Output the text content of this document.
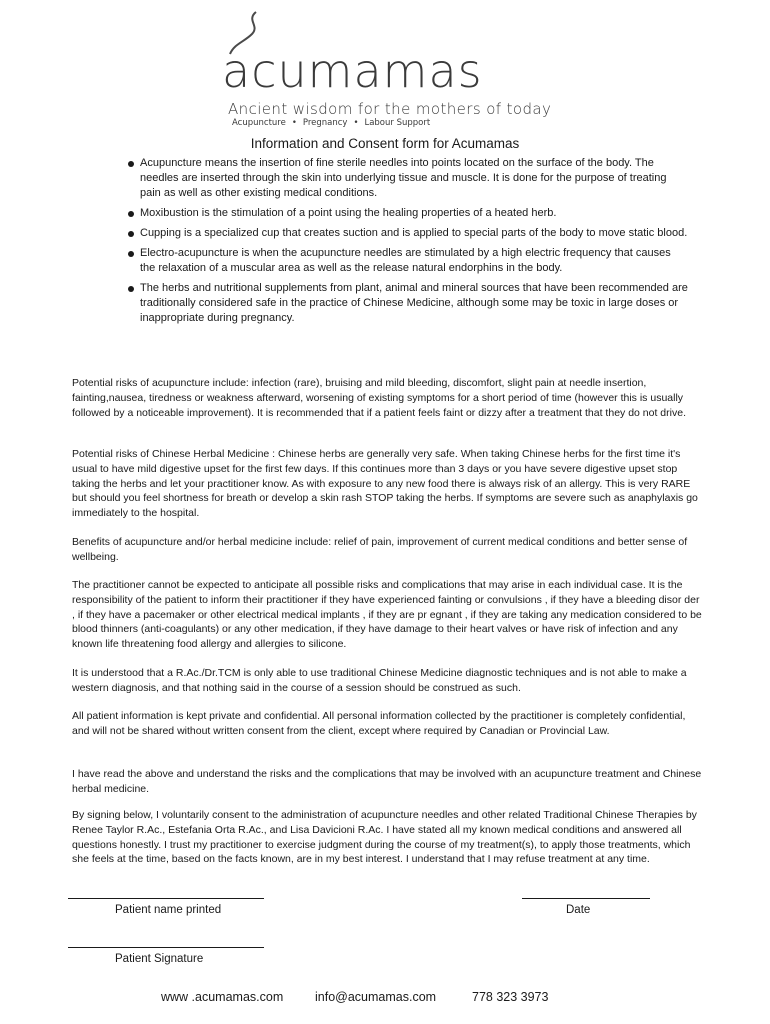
acumamas
Ancient wisdom for the mothers of today
Acupuncture • Pregnancy • Labour Support
Information and Consent form for Acumamas
Acupuncture means the insertion of fine sterile needles into points located on the surface of the body. The needles are inserted through the skin into underlying tissue and muscle. It is done for the purpose of treating pain as well as other existing medical conditions.
Moxibustion is the stimulation of a point using the healing properties of a heated herb.
Cupping is a specialized cup that creates suction and is applied to special parts of the body to move static blood.
Electro-acupuncture is when the acupuncture needles are stimulated by a high electric frequency that causes the relaxation of a muscular area as well as the release natural endorphins in the body.
The herbs and nutritional supplements from plant, animal and mineral sources that have been recommended are traditionally considered safe in the practice of Chinese Medicine, although some may be toxic in large doses or inappropriate during pregnancy.

Potential risks of acupuncture include: infection (rare), bruising and mild bleeding, discomfort, slight pain at needle insertion, fainting,nausea, tiredness or weakness afterward, worsening of existing symptoms for a short period of time (however this is usually followed by a noticeable improvement). It is recommended that if a patient feels faint or dizzy after a treatment that they do not drive.

Potential risks of Chinese Herbal Medicine : Chinese herbs are generally very safe. When taking Chinese herbs for the first time it's usual to have mild digestive upset for the first few days. If this continues more than 3 days or you have severe digestive upset stop taking the herbs and let your practitioner know. As with exposure to any new food there is always risk of an allergy. This is very RARE but should you feel shortness for breath or develop a skin rash STOP taking the herbs. If symptoms are severe such as anaphylaxis go immediately to the hospital.

Benefits of acupuncture and/or herbal medicine include: relief of pain, improvement of current medical conditions and better sense of wellbeing.

The practitioner cannot be expected to anticipate all possible risks and complications that may arise in each individual case. It is the responsibility of the patient to inform their practitioner if they have experienced fainting or convulsions , if they have a bleeding disor der , if they have a pacemaker or other electrical medical implants , if they are pr egnant , if they are taking any medication considered to be blood thinners (anti-coagulants) or any other medication, if they have damage to their heart valves or have risk of infection and any known life threatening food allergy and allergies to silicone.

It is understood that a R.Ac./Dr.TCM is only able to use traditional Chinese Medicine diagnostic techniques and is not able to make a western diagnosis, and that nothing said in the course of a session should be construed as such.

All patient information is kept private and confidential. All personal information collected by the practitioner is completely confidential, and will not be shared without written consent from the client, except where required by Canadian or Provincial Law.

I have read the above and understand the risks and the complications that may be involved with an acupuncture treatment and Chinese herbal medicine.

By signing below, I voluntarily consent to the administration of acupuncture needles and other related Traditional Chinese Therapies by Renee Taylor R.Ac., Estefania Orta R.Ac., and Lisa Davicioni R.Ac. I have stated all my known medical conditions and answered all questions honestly. I trust my practitioner to exercise judgment during the course of my treatment(s), to apply those treatments, which she feels at the time, based on the facts known, are in my best interest. I understand that I may refuse treatment at any time.

Patient name printed	Date

Patient Signature

www .acumamas.com	info@acumamas.com	778 323 3973
